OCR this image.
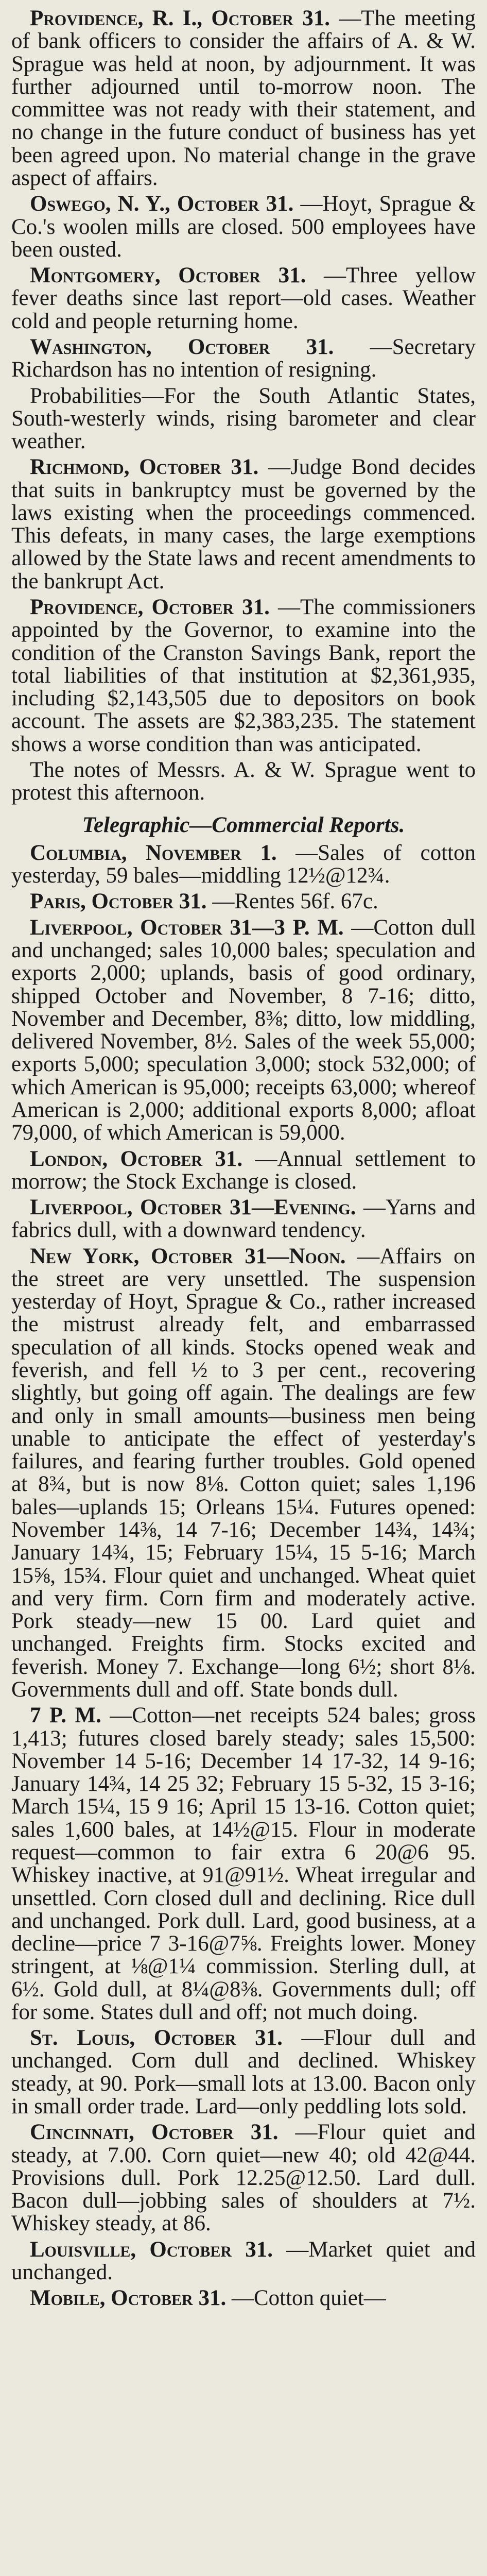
Providence, R. I., October 31. —The meeting of bank officers to consider the affairs of A. & W. Sprague was held at noon, by adjournment. It was further adjourned until to-morrow noon. The committee was not ready with their statement, and no change in the future conduct of business has yet been agreed upon. No material change in the grave aspect of affairs.

Oswego, N. Y., October 31. —Hoyt, Sprague & Co.'s woolen mills are closed. 500 employees have been ousted.

Montgomery, October 31. —Three yellow fever deaths since last report—old cases. Weather cold and people returning home.

Washington, October 31. —Secretary Richardson has no intention of resigning.

Probabilities—For the South Atlantic States, South-westerly winds, rising barometer and clear weather.

Richmond, October 31. —Judge Bond decides that suits in bankruptcy must be governed by the laws existing when the proceedings commenced. This defeats, in many cases, the large exemptions allowed by the State laws and recent amendments to the bankrupt Act.

Providence, October 31. —The commissioners appointed by the Governor, to examine into the condition of the Cranston Savings Bank, report the total liabilities of that institution at $2,361,935, including $2,143,505 due to depositors on book account. The assets are $2,383,235. The statement shows a worse condition than was anticipated.

The notes of Messrs. A. & W. Sprague went to protest this afternoon.

Telegraphic—Commercial Reports.

Columbia, November 1. —Sales of cotton yesterday, 59 bales—middling 12½@12¾.

Paris, October 31. —Rentes 56f. 67c.

Liverpool, October 31—3 P. M. —Cotton dull and unchanged; sales 10,000 bales; speculation and exports 2,000; uplands, basis of good ordinary, shipped October and November, 8 7-16; ditto, November and December, 8⅜; ditto, low middling, delivered November, 8½. Sales of the week 55,000; exports 5,000; speculation 3,000; stock 532,000; of which American is 95,000; receipts 63,000; whereof American is 2,000; additional exports 8,000; afloat 79,000, of which American is 59,000.

London, October 31. —Annual settlement to morrow; the Stock Exchange is closed.

Liverpool, October 31—Evening. —Yarns and fabrics dull, with a downward tendency.

New York, October 31—Noon. —Affairs on the street are very unsettled. The suspension yesterday of Hoyt, Sprague & Co., rather increased the mistrust already felt, and embarrassed speculation of all kinds. Stocks opened weak and feverish, and fell ½ to 3 per cent., recovering slightly, but going off again. The dealings are few and only in small amounts—business men being unable to anticipate the effect of yesterday's failures, and fearing further troubles. Gold opened at 8¾, but is now 8⅛. Cotton quiet; sales 1,196 bales—uplands 15; Orleans 15¼. Futures opened: November 14⅜, 14 7-16; December 14¾, 14¾; January 14¾, 15; February 15¼, 15 5-16; March 15⅝, 15¾. Flour quiet and unchanged. Wheat quiet and very firm. Corn firm and moderately active. Pork steady—new 15 00. Lard quiet and unchanged. Freights firm. Stocks excited and feverish. Money 7. Exchange—long 6½; short 8⅛. Governments dull and off. State bonds dull.

7 P. M. —Cotton—net receipts 524 bales; gross 1,413; futures closed barely steady; sales 15,500: November 14 5-16; December 14 17-32, 14 9-16; January 14¾, 14 25 32; February 15 5-32, 15 3-16; March 15¼, 15 9 16; April 15 13-16. Cotton quiet; sales 1,600 bales, at 14½@15. Flour in moderate request—common to fair extra 6 20@6 95. Whiskey inactive, at 91@91½. Wheat irregular and unsettled. Corn closed dull and declining. Rice dull and unchanged. Pork dull. Lard, good business, at a decline—price 7 3-16@7⅝. Freights lower. Money stringent, at ⅛@1¼ commission. Sterling dull, at 6½. Gold dull, at 8¼@8⅜. Governments dull; off for some. States dull and off; not much doing.

St. Louis, October 31. —Flour dull and unchanged. Corn dull and declined. Whiskey steady, at 90. Pork—small lots at 13.00. Bacon only in small order trade. Lard—only peddling lots sold.

Cincinnati, October 31. —Flour quiet and steady, at 7.00. Corn quiet—new 40; old 42@44. Provisions dull. Pork 12.25@12.50. Lard dull. Bacon dull—jobbing sales of shoulders at 7½. Whiskey steady, at 86.

Louisville, October 31. —Market quiet and unchanged.

Mobile, October 31. —Cotton quiet—
